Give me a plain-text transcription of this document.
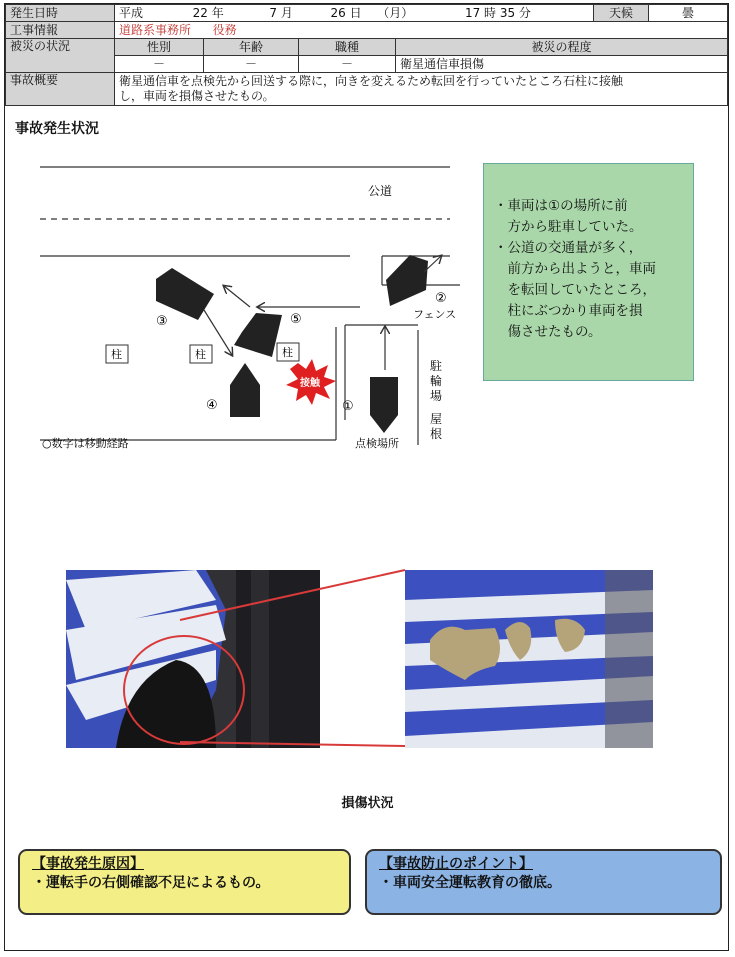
発生日時	平成 22 年 7 月 26 日 （月） 17 時 35 分	天候	曇
工事情報	道路系事務所 役務		
被災の状況	性別	年齢	職種	被災の程度
	－	－	－	衛星通信車損傷
事故概要	衛星通信車を点検先から回送する際に，向きを変えるため転回を行っていたところ石柱に接触
し，車両を損傷させたもの。
事故発生状況
公道
フェンス
柱	柱	柱
接触
①
②
③
④
⑤
点検場所
駐
輪
場
屋
根
○数字は移動経路
・車両は①の場所に前
　方から駐車していた。
・公道の交通量が多く，
　前方から出ようと，車両
　を転回していたところ，
　柱にぶつかり車両を損
　傷させたもの。
損傷状況
【事故発生原因】
・運転手の右側確認不足によるもの。
【事故防止のポイント】
・車両安全運転教育の徹底。
